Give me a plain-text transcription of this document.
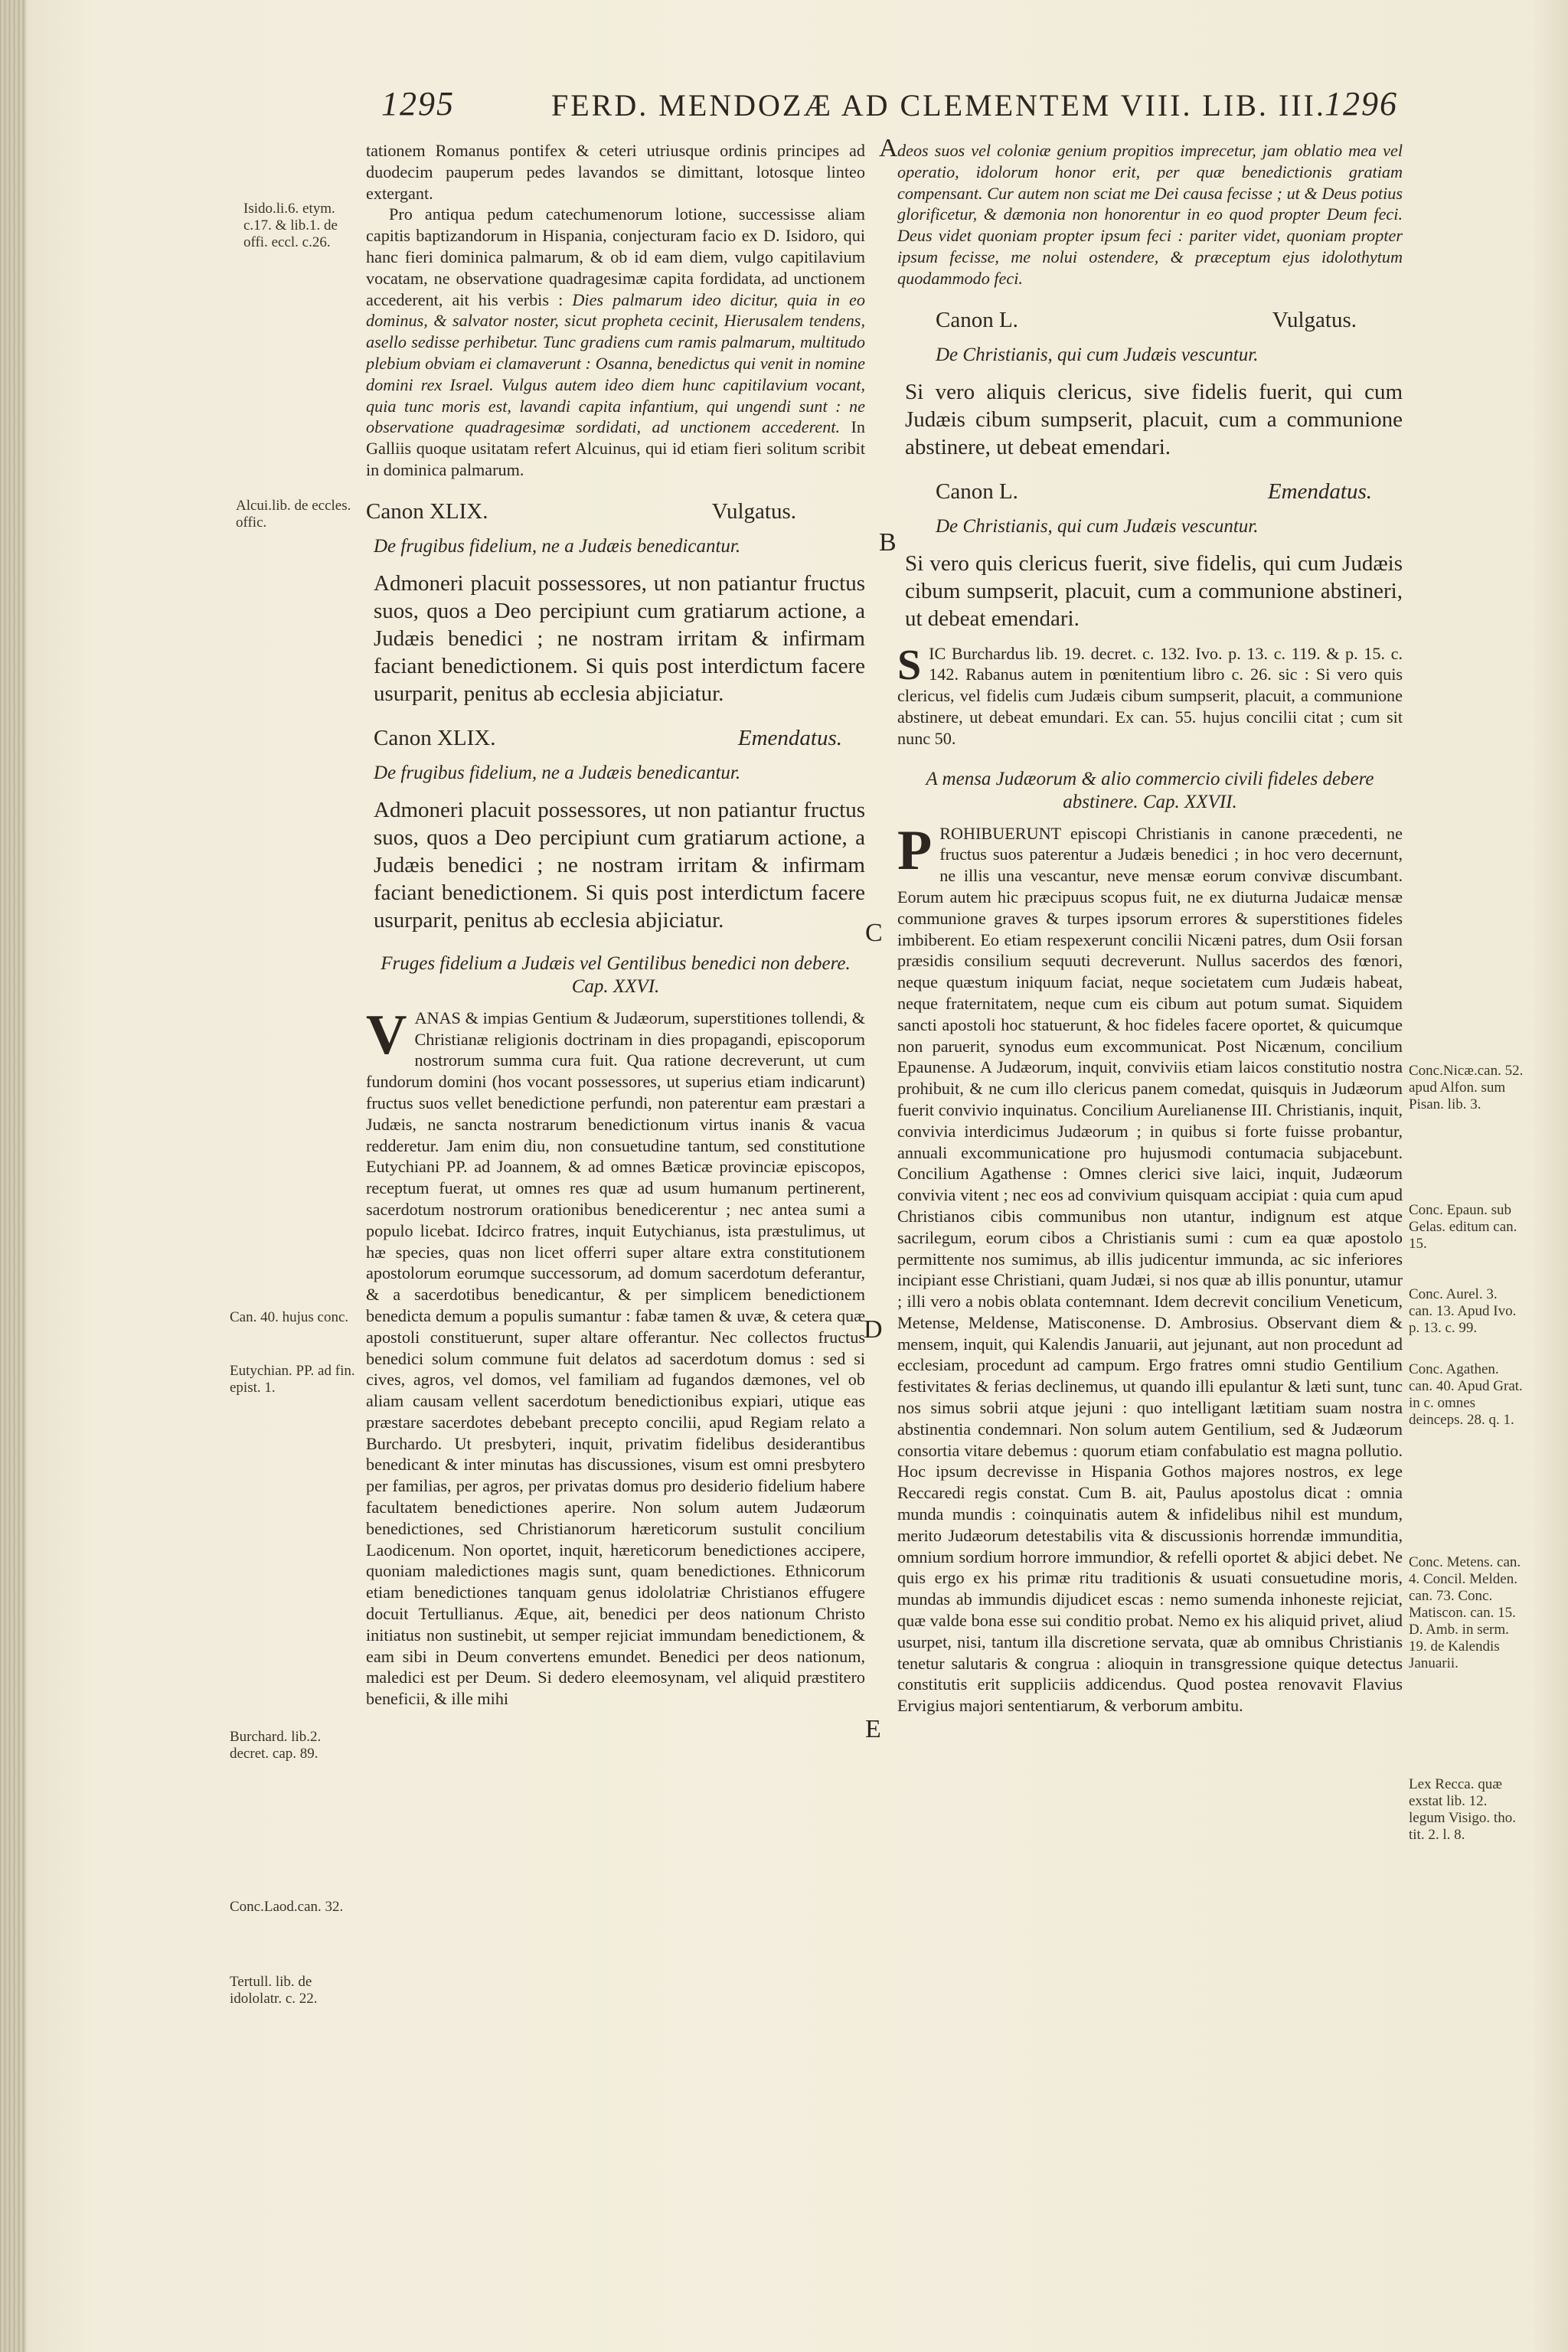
1295	FERD. MENDOZÆ AD CLEMENTEM VIII. LIB. III.
1296
A
B
C
D
E
Isido.li.6. etym. c.17. & lib.1. de offi. eccl. c.26.
Alcui.lib. de eccles. offic.
Can. 40. hujus conc.
Eutychian. PP. ad fin. epist. 1.
Burchard. lib.2. decret. cap. 89.
Conc.Laod.can. 32.
Tertull. lib. de idololatr. c. 22.

tationem Romanus pontifex & ceteri utriusque ordinis principes ad duodecim pauperum pedes lavandos se dimittant, lotosque linteo extergant.

Pro antiqua pedum catechumenorum lotione, successisse aliam capitis baptizandorum in Hispania, conjecturam facio ex D. Isidoro, qui hanc fieri dominica palmarum, & ob id eam diem, vulgo capitilavium vocatam, ne observatione quadragesimæ capita fordidata, ad unctionem accederent, ait his verbis : Dies palmarum ideo dicitur, quia in eo dominus, & salvator noster, sicut propheta cecinit, Hierusalem tendens, asello sedisse perhibetur. Tunc gradiens cum ramis palmarum, multitudo plebium obviam ei clamaverunt : Osanna, benedictus qui venit in nomine domini rex Israel. Vulgus autem ideo diem hunc capitilavium vocant, quia tunc moris est, lavandi capita infantium, qui ungendi sunt : ne observatione quadragesimæ sordidati, ad unctionem accederent. In Galliis quoque usitatam refert Alcuinus, qui id etiam fieri solitum scribit in dominica palmarum.

Canon XLIX.	Vulgatus.
De frugibus fidelium, ne a Judæis benedicantur.

Admoneri placuit possessores, ut non patiantur fructus suos, quos a Deo percipiunt cum gratiarum actione, a Judæis benedici ; ne nostram irritam & infirmam faciant benedictionem. Si quis post interdictum facere usurparit, penitus ab ecclesia abjiciatur.

Canon XLIX.	Emendatus.
De frugibus fidelium, ne a Judæis benedicantur.

Admoneri placuit possessores, ut non patiantur fructus suos, quos a Deo percipiunt cum gratiarum actione, a Judæis benedici ; ne nostram irritam & infirmam faciant benedictionem. Si quis post interdictum facere usurparit, penitus ab ecclesia abjiciatur.

Fruges fidelium a Judæis vel Gentilibus benedici non debere. Cap. XXVI.

V ANAS & impias Gentium & Judæorum, superstitiones tollendi, & Christianæ religionis doctrinam in dies propagandi, episcoporum nostrorum summa cura fuit. Qua ratione decreverunt, ut cum fundorum domini (hos vocant possessores, ut superius etiam indicarunt) fructus suos vellet benedictione perfundi, non paterentur eam præstari a Judæis, ne sancta nostrarum benedictionum virtus inanis & vacua redderetur. Jam enim diu, non consuetudine tantum, sed constitutione Eutychiani PP. ad Joannem, & ad omnes Bæticæ provinciæ episcopos, receptum fuerat, ut omnes res quæ ad usum humanum pertinerent, sacerdotum nostrorum orationibus benedicerentur ; nec antea sumi a populo licebat. Idcirco fratres, inquit Eutychianus, ista præstulimus, ut hæ species, quas non licet offerri super altare extra constitutionem apostolorum eorumque successorum, ad domum sacerdotum deferantur, & a sacerdotibus benedicantur, & per simplicem benedictionem benedicta demum a populis sumantur : fabæ tamen & uvæ, & cetera quæ apostoli constituerunt, super altare offerantur. Nec collectos fructus benedici solum commune fuit delatos ad sacerdotum domus : sed si cives, agros, vel domos, vel familiam ad fugandos dæmones, vel ob aliam causam vellent sacerdotum benedictionibus expiari, utique eas præstare sacerdotes debebant precepto concilii, apud Regiam relato a Burchardo. Ut presbyteri, inquit, privatim fidelibus desiderantibus benedicant & inter minutas has discussiones, visum est omni presbytero per familias, per agros, per privatas domus pro desiderio fidelium habere facultatem benedictiones aperire. Non solum autem Judæorum benedictiones, sed Christianorum hæreticorum sustulit concilium Laodicenum. Non oportet, inquit, hæreticorum benedictiones accipere, quoniam maledictiones magis sunt, quam benedictiones. Ethnicorum etiam benedictiones tanquam genus idololatriæ Christianos effugere docuit Tertullianus. Æque, ait, benedici per deos nationum Christo initiatus non sustinebit, ut semper rejiciat immundam benedictionem, & eam sibi in Deum convertens emundet. Benedici per deos nationum, maledici est per Deum. Si dedero eleemosynam, vel aliquid præstitero beneficii, & ille mihi

deos suos vel coloniæ genium propitios imprecetur, jam oblatio mea vel operatio, idolorum honor erit, per quæ benedictionis gratiam compensant. Cur autem non sciat me Dei causa fecisse ; ut & Deus potius glorificetur, & dæmonia non honorentur in eo quod propter Deum feci. Deus videt quoniam propter ipsum feci : pariter videt, quoniam propter ipsum fecisse, me nolui ostendere, & præceptum ejus idolothytum quodammodo feci.

Canon L.	Vulgatus.
De Christianis, qui cum Judæis vescuntur.

Si vero aliquis clericus, sive fidelis fuerit, qui cum Judæis cibum sumpserit, placuit, cum a communione abstinere, ut debeat emendari.

Canon L.	Emendatus.
De Christianis, qui cum Judæis vescuntur.

Si vero quis clericus fuerit, sive fidelis, qui cum Judæis cibum sumpserit, placuit, cum a communione abstineri, ut debeat emendari.

S IC Burchardus lib. 19. decret. c. 132. Ivo. p. 13. c. 119. & p. 15. c. 142. Rabanus autem in pœnitentium libro c. 26. sic : Si vero quis clericus, vel fidelis cum Judæis cibum sumpserit, placuit, a communione abstinere, ut debeat emundari. Ex can. 55. hujus concilii citat ; cum sit nunc 50.

A mensa Judæorum & alio commercio civili fideles debere abstinere. Cap. XXVII.

P ROHIBUERUNT episcopi Christianis in canone præcedenti, ne fructus suos paterentur a Judæis benedici ; in hoc vero decernunt, ne illis una vescantur, neve mensæ eorum convivæ discumbant. Eorum autem hic præcipuus scopus fuit, ne ex diuturna Judaicæ mensæ communione graves & turpes ipsorum errores & superstitiones fideles imbiberent. Eo etiam respexerunt concilii Nicæni patres, dum Osii forsan præsidis consilium sequuti decreverunt. Nullus sacerdos des fœnori, neque quæstum iniquum faciat, neque societatem cum Judæis habeat, neque fraternitatem, neque cum eis cibum aut potum sumat. Siquidem sancti apostoli hoc statuerunt, & hoc fideles facere oportet, & quicumque non paruerit, synodus eum excommunicat. Post Nicænum, concilium Epaunense. A Judæorum, inquit, conviviis etiam laicos constitutio nostra prohibuit, & ne cum illo clericus panem comedat, quisquis in Judæorum fuerit convivio inquinatus. Concilium Aurelianense III. Christianis, inquit, convivia interdicimus Judæorum ; in quibus si forte fuisse probantur, annuali excommunicatione pro hujusmodi contumacia subjacebunt. Concilium Agathense : Omnes clerici sive laici, inquit, Judæorum convivia vitent ; nec eos ad convivium quisquam accipiat : quia cum apud Christianos cibis communibus non utantur, indignum est atque sacrilegum, eorum cibos a Christianis sumi : cum ea quæ apostolo permittente nos sumimus, ab illis judicentur immunda, ac sic inferiores incipiant esse Christiani, quam Judæi, si nos quæ ab illis ponuntur, utamur ; illi vero a nobis oblata contemnant. Idem decrevit concilium Veneticum, Metense, Meldense, Matisconense. D. Ambrosius. Observant diem & mensem, inquit, qui Kalendis Januarii, aut jejunant, aut non procedunt ad ecclesiam, procedunt ad campum. Ergo fratres omni studio Gentilium festivitates & ferias declinemus, ut quando illi epulantur & læti sunt, tunc nos simus sobrii atque jejuni : quo intelligant lætitiam suam nostra abstinentia condemnari. Non solum autem Gentilium, sed & Judæorum consortia vitare debemus : quorum etiam confabulatio est magna pollutio. Hoc ipsum decrevisse in Hispania Gothos majores nostros, ex lege Reccaredi regis constat. Cum B. ait, Paulus apostolus dicat : omnia munda mundis : coinquinatis autem & infidelibus nihil est mundum, merito Judæorum detestabilis vita & discussionis horrendæ immunditia, omnium sordium horrore immundior, & refelli oportet & abjici debet. Ne quis ergo ex his primæ ritu traditionis & usuati consuetudine moris, mundas ab immundis dijudicet escas : nemo sumenda inhoneste rejiciat, quæ valde bona esse sui conditio probat. Nemo ex his aliquid privet, aliud usurpet, nisi, tantum illa discretione servata, quæ ab omnibus Christianis tenetur salutaris & congrua : alioquin in transgressione quique detectus constitutis erit suppliciis addicendus. Quod postea renovavit Flavius Ervigius majori sententiarum, & verborum ambitu.

Conc.Nicæ.can. 52. apud Alfon. sum Pisan. lib. 3.
Conc. Epaun. sub Gelas. editum can. 15.
Conc. Aurel. 3. can. 13. Apud Ivo. p. 13. c. 99.
Conc. Agathen. can. 40. Apud Grat. in c. omnes deinceps. 28. q. 1.
Conc. Metens. can. 4. Concil. Melden. can. 73. Conc. Matiscon. can. 15.
D. Amb. in serm. 19. de Kalendis Januarii.
Lex Recca. quæ exstat lib. 12. legum Visigo. tho. tit. 2. l. 8.
